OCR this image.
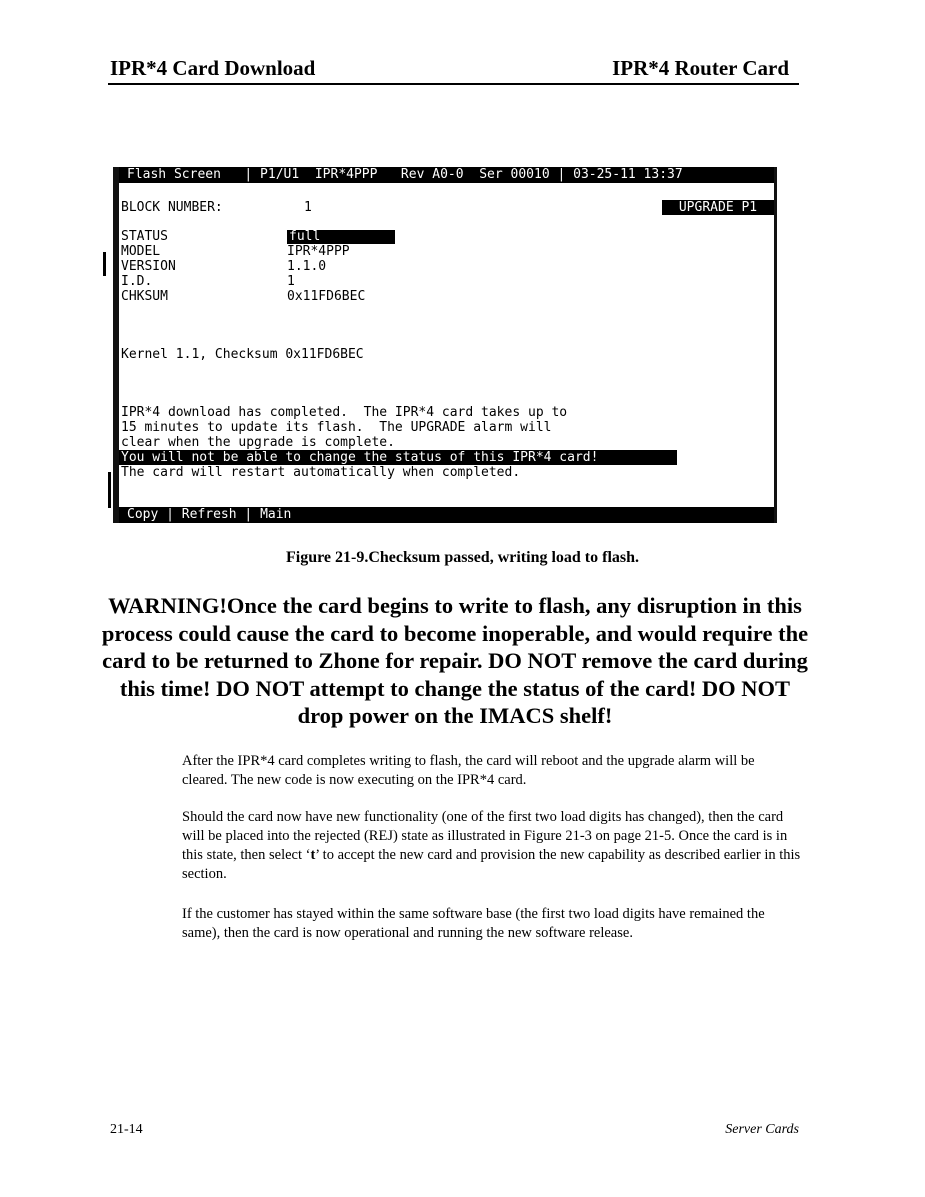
IPR*4 Card Download	IPR*4 Router Card
Flash Screen   | P1/U1  IPR*4PPP   Rev A0-0  Ser 00010 | 03-25-11 13:37
BLOCK NUMBER:	1	UPGRADE P1
STATUS	full
MODEL	IPR*4PPP
VERSION	1.1.0
I.D.	1
CHKSUM	0x11FD6BEC
Kernel 1.1, Checksum 0x11FD6BEC
IPR*4 download has completed.  The IPR*4 card takes up to
15 minutes to update its flash.  The UPGRADE alarm will
clear when the upgrade is complete.
You will not be able to change the status of this IPR*4 card!
The card will restart automatically when completed.
Copy | Refresh | Main
Figure 21-9.Checksum passed, writing load to flash.
WARNING!Once the card begins to write to flash, any disruption in this process could cause the card to become inoperable, and would require the card to be returned to Zhone for repair. DO NOT remove the card during this time! DO NOT attempt to change the status of the card! DO NOT drop power on the IMACS shelf!
After the IPR*4 card completes writing to flash, the card will reboot and the upgrade alarm will be cleared. The new code is now executing on the IPR*4 card.
Should the card now have new functionality (one of the first two load digits has changed), then the card will be placed into the rejected (REJ) state as illustrated in Figure 21-3 on page 21-5. Once the card is in this state, then select ‘t’ to accept the new card and provision the new capability as described earlier in this section.
If the customer has stayed within the same software base (the first two load digits have remained the same), then the card is now operational and running the new software release.
21-14	Server Cards
